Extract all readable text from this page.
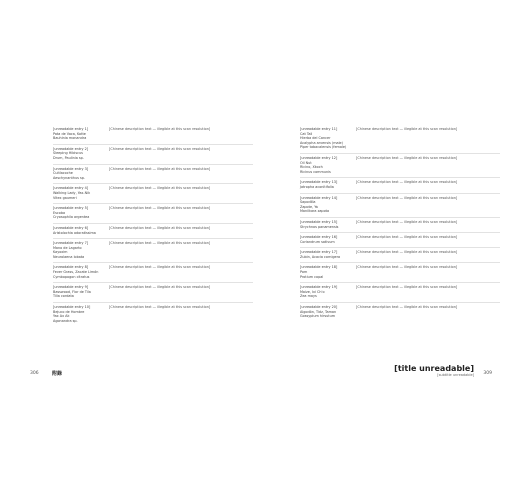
[unreadable entry 1]
Pata de Vaca, Kotte
Bauhinia monandra
[Chinese description text — illegible at this scan resolution]
[unreadable entry 2]
Sleeping Hibiscus
Drum, Paulinia sp.
[Chinese description text — illegible at this scan resolution]
[unreadable entry 3]
Cuitlacoche
Aeschynanthus sp.
[Chinese description text — illegible at this scan resolution]
[unreadable entry 4]
Walking Lady, Yax-Nik
Vitex gaumeri
[Chinese description text — illegible at this scan resolution]
[unreadable entry 5]
Escoba
Cryosophila argentea
[Chinese description text — illegible at this scan resolution]
[unreadable entry 6]
Aristolochia odoratissima
[Chinese description text — illegible at this scan resolution]
[unreadable entry 7]
Mano de Lagarto
Kayoxim
Neurolaena lobata
[Chinese description text — illegible at this scan resolution]
[unreadable entry 8]
Fever Grass, Zacate Limón
Cymbopogon citratus
[Chinese description text — illegible at this scan resolution]
[unreadable entry 9]
Basswood, Flor de Tila
Tilia cordata
[Chinese description text — illegible at this scan resolution]
[unreadable entry 10]
Bejuco de Hombre
Yax Ax Ak
Agonandra sp.
[Chinese description text — illegible at this scan resolution]
[unreadable entry 11]
Cat Tail
Hierba del Cancer
Acalypha arvensis (male)
Piper tabacalensis (female)
[Chinese description text — illegible at this scan resolution]
[unreadable entry 12]
Oil Nut
Ricino, Xkoch
Ricinus communis
[Chinese description text — illegible at this scan resolution]
[unreadable entry 13]
Jatropha aconitifolia
[Chinese description text — illegible at this scan resolution]
[unreadable entry 14]
Sapodilla
Zapote, Ya
Manilkara zapota
[Chinese description text — illegible at this scan resolution]
[unreadable entry 15]
Strychnos panamensis
[Chinese description text — illegible at this scan resolution]
[unreadable entry 16]
Coriandrum sativum
[Chinese description text — illegible at this scan resolution]
[unreadable entry 17]
Zubin, Acacia cornigera
[Chinese description text — illegible at this scan resolution]
[unreadable entry 18]
Pom
Protium copal
[Chinese description text — illegible at this scan resolution]
[unreadable entry 19]
Maize, Ixi Ch'o
Zea mays
[Chinese description text — illegible at this scan resolution]
[unreadable entry 20]
Algodón, Tidz, Taman
Gossypium hirsutum
[Chinese description text — illegible at this scan resolution]
306	附錄
[title unreadable]
[subtitle unreadable] 309
